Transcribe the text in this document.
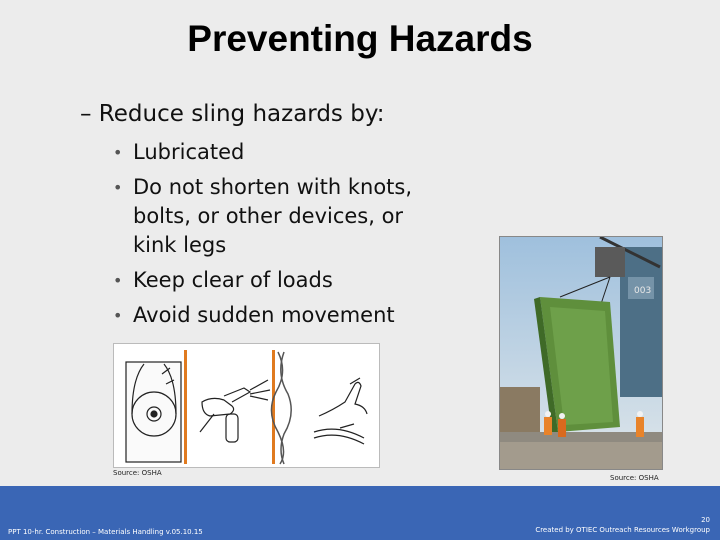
Preventing Hazards
– Reduce sling hazards by:
• Lubricated
• Do not shorten with knots, bolts, or other devices, or kink legs
• Keep clear of loads
• Avoid sudden movement
Source: OSHA
003
Source: OSHA
PPT 10-hr. Construction – Materials Handling v.05.10.15
20
Created by OTIEC Outreach Resources Workgroup
